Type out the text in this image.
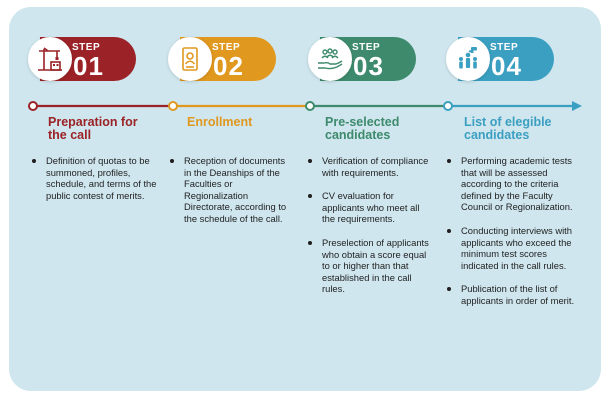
STEP
01
STEP
02
STEP
03
STEP
04
Preparation for
the call
Enrollment	Pre-selected
candidates
List of elegible
candidates
Definition of quotas to be summoned, profiles, schedule, and terms of the public contest of merits.
Reception of documents in the Deanships of the Faculties or Regionalization Directorate, according to the schedule of the call.
Verification of compliance with requirements.
CV evaluation for applicants who meet all the requirements.
Preselection of applicants who obtain a score equal to or higher than that established in the call rules.
Performing academic tests that will be assessed according to the criteria defined by the Faculty Council or Regionalization.
Conducting interviews with applicants who exceed the minimum test scores indicated in the call rules.
Publication of the list of applicants in order of merit.
